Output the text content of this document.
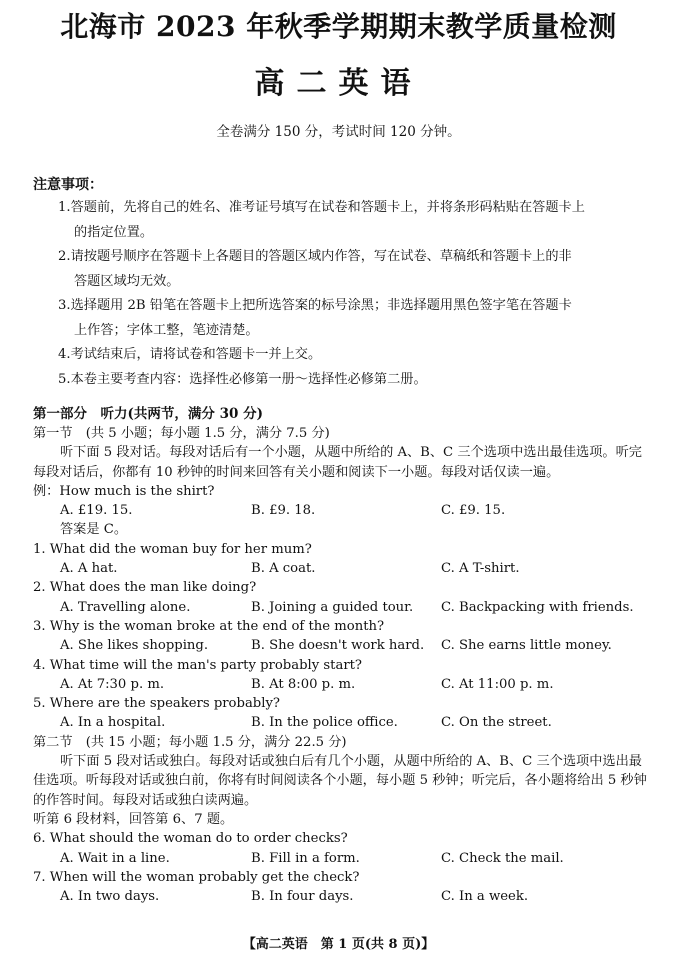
北海市 2023 年秋季学期期末教学质量检测
高二英语
全卷满分 150 分，考试时间 120 分钟。
注意事项：
1.答题前，先将自己的姓名、准考证号填写在试卷和答题卡上，并将条形码粘贴在答题卡上
的指定位置。
2.请按题号顺序在答题卡上各题目的答题区域内作答，写在试卷、草稿纸和答题卡上的非
答题区域均无效。
3.选择题用 2B 铅笔在答题卡上把所选答案的标号涂黑；非选择题用黑色签字笔在答题卡
上作答；字体工整，笔迹清楚。
4.考试结束后，请将试卷和答题卡一并上交。
5.本卷主要考查内容：选择性必修第一册～选择性必修第二册。
第一部分　听力(共两节，满分 30 分)
第一节　(共 5 小题；每小题 1.5 分，满分 7.5 分)
听下面 5 段对话。每段对话后有一个小题，从题中所给的 A、B、C 三个选项中选出最佳选项。听完每段对话后，你都有 10 秒钟的时间来回答有关小题和阅读下一小题。每段对话仅读一遍。
例：How much is the shirt?
A. £19. 15.	B. £9. 18.	C. £9. 15.
答案是 C。
1. What did the woman buy for her mum?
A. A hat.	B. A coat.	C. A T-shirt.
2. What does the man like doing?
A. Travelling alone.	B. Joining a guided tour. C. Backpacking with friends.
3. Why is the woman broke at the end of the month?
A. She likes shopping.	B. She doesn't work hard. C. She earns little money.
4. What time will the man's party probably start?
A. At 7:30 p. m.	B. At 8:00 p. m.	C. At 11:00 p. m.
5. Where are the speakers probably?
A. In a hospital.	B. In the police office.	C. On the street.
第二节　(共 15 小题；每小题 1.5 分，满分 22.5 分)
听下面 5 段对话或独白。每段对话或独白后有几个小题，从题中所给的 A、B、C 三个选项中选出最佳选项。听每段对话或独白前，你将有时间阅读各个小题，每小题 5 秒钟；听完后，各小题将给出 5 秒钟的作答时间。每段对话或独白读两遍。
听第 6 段材料，回答第 6、7 题。
6. What should the woman do to order checks?
A. Wait in a line.	B. Fill in a form.	C. Check the mail.
7. When will the woman probably get the check?
A. In two days.	B. In four days.	C. In a week.
【高二英语　第 1 页(共 8 页)】
